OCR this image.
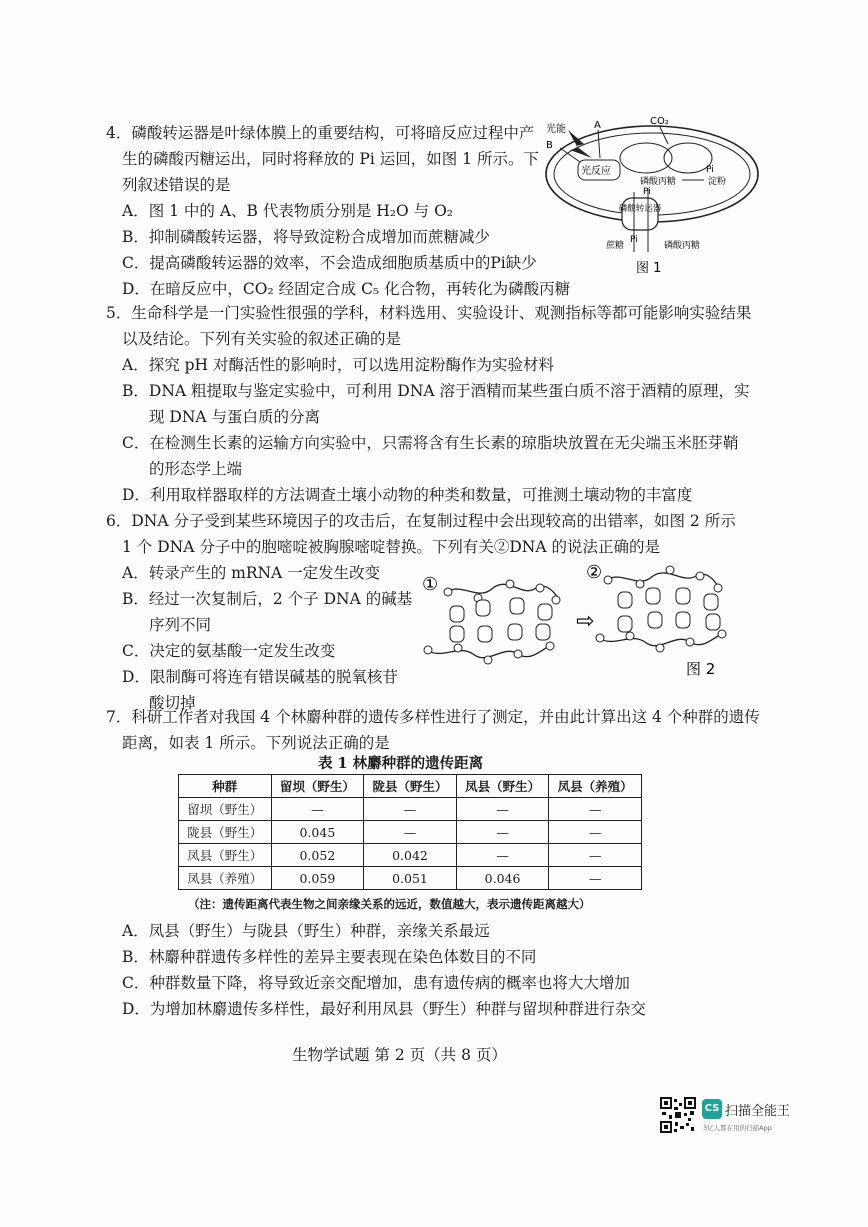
4．磷酸转运器是叶绿体膜上的重要结构，可将暗反应过程中产
生的磷酸丙糖运出，同时将释放的 Pi 运回，如图 1 所示。下
列叙述错误的是
A．图 1 中的 A、B 代表物质分别是 H₂O 与 O₂
B．抑制磷酸转运器，将导致淀粉合成增加而蔗糖减少
C．提高磷酸转运器的效率，不会造成细胞质基质中的Pi缺少
D．在暗反应中，CO₂ 经固定合成 C₅ 化合物，再转化为磷酸丙糖
光反应
光能	A
B
CO₂
磷酸丙糖
Pi
淀粉
Pi
磷酸转运器
Pi
蔗糖	磷酸丙糖
图 1
5．生命科学是一门实验性很强的学科，材料选用、实验设计、观测指标等都可能影响实验结果
以及结论。下列有关实验的叙述正确的是
A．探究 pH 对酶活性的影响时，可以选用淀粉酶作为实验材料
B．DNA 粗提取与鉴定实验中，可利用 DNA 溶于酒精而某些蛋白质不溶于酒精的原理，实
现 DNA 与蛋白质的分离
C．在检测生长素的运输方向实验中，只需将含有生长素的琼脂块放置在无尖端玉米胚芽鞘
的形态学上端
D．利用取样器取样的方法调查土壤小动物的种类和数量，可推测土壤动物的丰富度
6．DNA 分子受到某些环境因子的攻击后，在复制过程中会出现较高的出错率，如图 2 所示
1 个 DNA 分子中的胞嘧啶被胸腺嘧啶替换。下列有关②DNA 的说法正确的是
A．转录产生的 mRNA 一定发生改变
B．经过一次复制后，2 个子 DNA 的碱基
序列不同
C．决定的氨基酸一定发生改变
D．限制酶可将连有错误碱基的脱氧核苷
酸切掉
①
②
⇨
图 2
7．科研工作者对我国 4 个林麝种群的遗传多样性进行了测定，并由此计算出这 4 个种群的遗传
距离，如表 1 所示。下列说法正确的是
表 1 林麝种群的遗传距离
种群	留坝（野生）	陇县（野生）	凤县（野生）	凤县（养殖）
留坝（野生）	—	—	—	—
陇县（野生）	0.045	—	—	—
凤县（野生）	0.052	0.042	—	—
凤县（养殖）	0.059	0.051	0.046	—
（注：遗传距离代表生物之间亲缘关系的远近，数值越大，表示遗传距离越大）
A．凤县（野生）与陇县（野生）种群，亲缘关系最远
B．林麝种群遗传多样性的差异主要表现在染色体数目的不同
C．种群数量下降，将导致近亲交配增加，患有遗传病的概率也将大大增加
D．为增加林麝遗传多样性，最好利用凤县（野生）种群与留坝种群进行杂交
生物学试题 第 2 页（共 8 页）
CS 扫描全能王
3亿人都在用的扫描App
